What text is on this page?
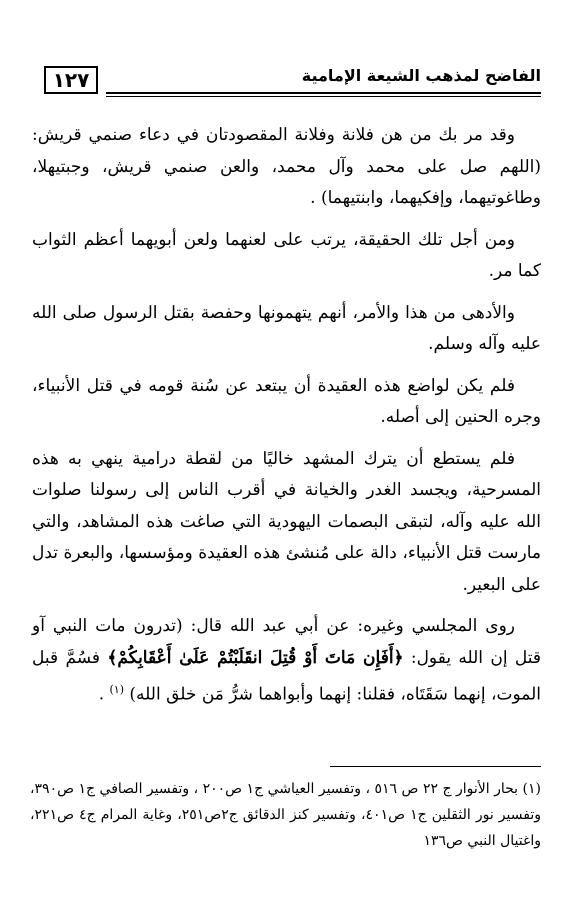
الفاضح لمذهب الشيعة الإمامية
١٢٧

وقد مر بك من هن فلانة وفلانة المقصودتان في دعاء صنمي قريش: (اللهم صل على محمد وآل محمد، والعن صنمي قريش، وجبتيهلا، وطاغوتيهما، وإفكيهما، وابنتيهما) .

ومن أجل تلك الحقيقة، يرتب على لعنهما ولعن أبويهما أعظم الثواب كما مر.

والأدهى من هذا والأمر، أنهم يتهمونها وحفصة بقتل الرسول صلى الله عليه وآله وسلم.

فلم يكن لواضع هذه العقيدة أن يبتعد عن سُنة قومه في قتل الأنبياء، وجره الحنين إلى أصله.

فلم يستطع أن يترك المشهد خاليًا من لقطة درامية ينهي به هذه المسرحية، ويجسد الغدر والخيانة في أقرب الناس إلى رسولنا صلوات الله عليه وآله، لتبقى البصمات اليهودية التي صاغت هذه المشاهد، والتي مارست قتل الأنبياء، دالة على مُنشئ هذه العقيدة ومؤسسها، والبعرة تدل على البعير.

روى المجلسي وغيره: عن أبي عبد الله قال: (تدرون مات النبي آو قتل إن الله يقول: ﴿أَفَإِن مَاتَ أَوْ قُتِلَ انقَلَبْتُمْ عَلَىٰ أَعْقَابِكُمْ﴾ فسُمَّ قبل الموت، إنهما سَقَتَاه، فقلنا: إنهما وأبواهما شرُّ مَن خلق الله) $^{(١)}$ .

(١) بحار الأنوار ج ٢٢ ص ٥١٦ ، وتفسير العياشي ج١ ص٢٠٠ ، وتفسير الصافي ج١ ص٣٩٠، وتفسير نور الثقلين ج١ ص٤٠١، وتفسير كنز الدقائق ج٢ص٢٥١، وغاية المرام ج٤ ص٢٢١، واغتيال النبي ص١٣٦
